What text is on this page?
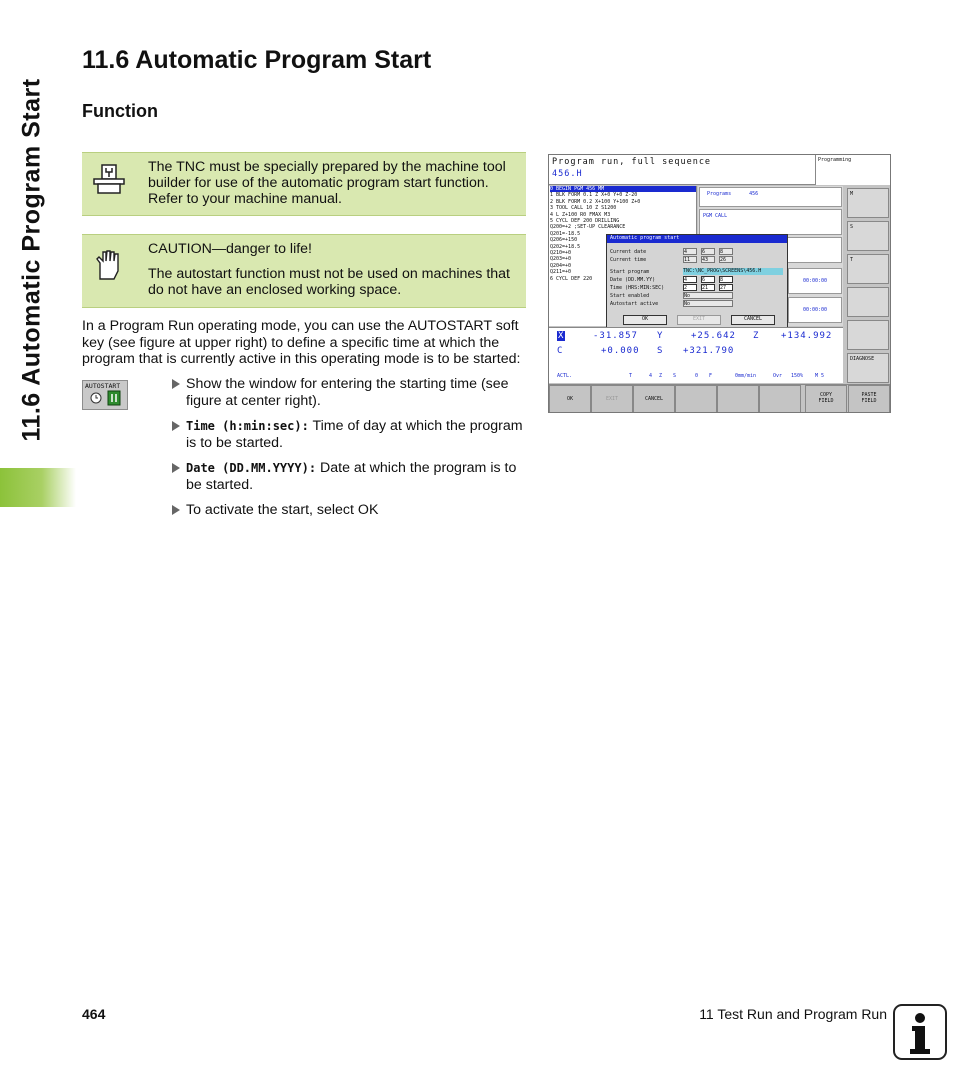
11.6 Automatic Program Start
11.6 Automatic Program Start
Function

The TNC must be specially prepared by the machine tool builder for use of the automatic program start function. Refer to your machine manual.

CAUTION—danger to life!

The autostart function must not be used on machines that do not have an enclosed working space.

In a Program Run operating mode, you can use the AUTOSTART soft key (see figure at upper right) to define a specific time at which the program that is currently active in this operating mode is to be started:

AUTOSTART	Show the window for entering the starting time (see figure at center right).
Time (h:min:sec): Time of day at which the program is to be started.
Date (DD.MM.YYYY): Date at which the program is to be started.
To activate the start, select OK
Program run, full sequence
456.H
Programming
0 BEGIN PGM 456 MM
1 BLK FORM 0.1 Z X+0 Y+0 Z-20
2 BLK FORM 0.2 X+100 Y+100 Z+0
3 TOOL CALL 10 Z S1200
4 L Z+100 R0 FMAX M3
5 CYCL DEF 200 DRILLING
Q200=+2 ;SET-UP CLEARANCE
Q201=-18.5
Q206=+150
Q202=+18.5
Q210=+0
Q203=+0
Q204=+0
Q211=+0
6 CYCL DEF 220
Programs	456
PGM CALL
00:00:00
00:00:00
Automatic program start
Current date	4	6	8
Current time	11	43	26
Start program	TNC:\NC_PROG\SCREENS\456.H
Date (DD.MM.YY)	4	6	8
Time (HRS:MIN:SEC)	2	21	27
Start enabled	No
Autostart active	No
OK	EXIT	CANCEL
X	-31.857 Y	+25.642 Z +134.992
C	+0.000 S +321.790
ACTL.	T	4 Z S	0 F	0mm/min	Ovr 150% M 5
M
S
T
DIAGNOSE
OK	EXIT	CANCEL
COPY FIELD
PASTE FIELD
464	11 Test Run and Program Run
